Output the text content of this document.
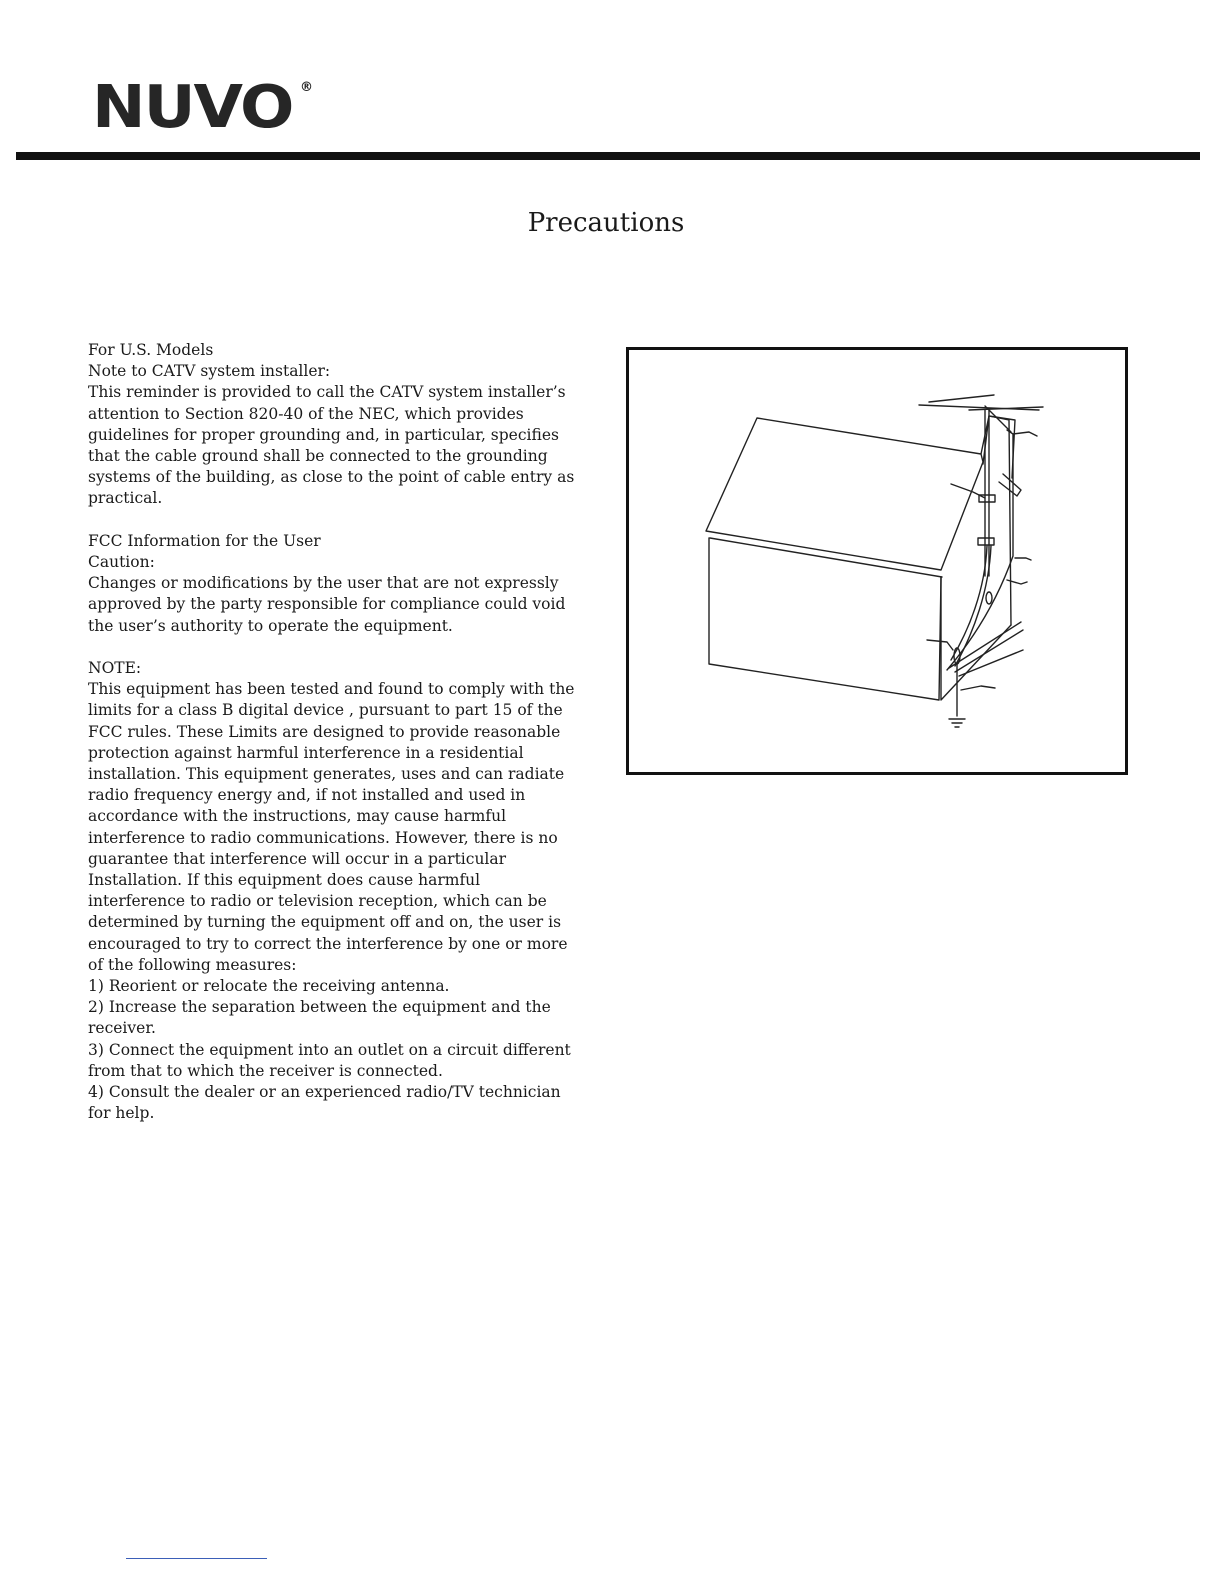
NUVO ®
Precautions

For U.S. Models
Note to CATV system installer:
This reminder is provided to call the CATV system installer’s attention to Section 820-40 of the NEC, which provides guidelines for proper grounding and, in particular, specifies that the cable ground shall be connected to the grounding systems of the building, as close to the point of cable entry as practical.

FCC Information for the User
Caution:
Changes or modifications by the user that are not expressly approved by the party responsible for compliance could void the user’s authority to operate the equipment.

NOTE:
This equipment has been tested and found to comply with the limits for a class B digital device , pursuant to part 15 of the FCC rules. These Limits are designed to provide reasonable protection against harmful interference in a residential installation. This equipment generates, uses and can radiate radio frequency energy and, if not installed and used in accordance with the instructions, may cause harmful interference to radio communications. However, there is no guarantee that interference will occur in a particular Installation. If this equipment does cause harmful interference to radio or television reception, which can be determined by turning the equipment off and on, the user is encouraged to try to correct the interference by one or more of the following measures:
1) Reorient or relocate the receiving antenna.
2) Increase the separation between the equipment and the receiver.
3) Connect the equipment into an outlet on a circuit different from that to which the receiver is connected.
4) Consult the dealer or an experienced radio/TV technician for help.
